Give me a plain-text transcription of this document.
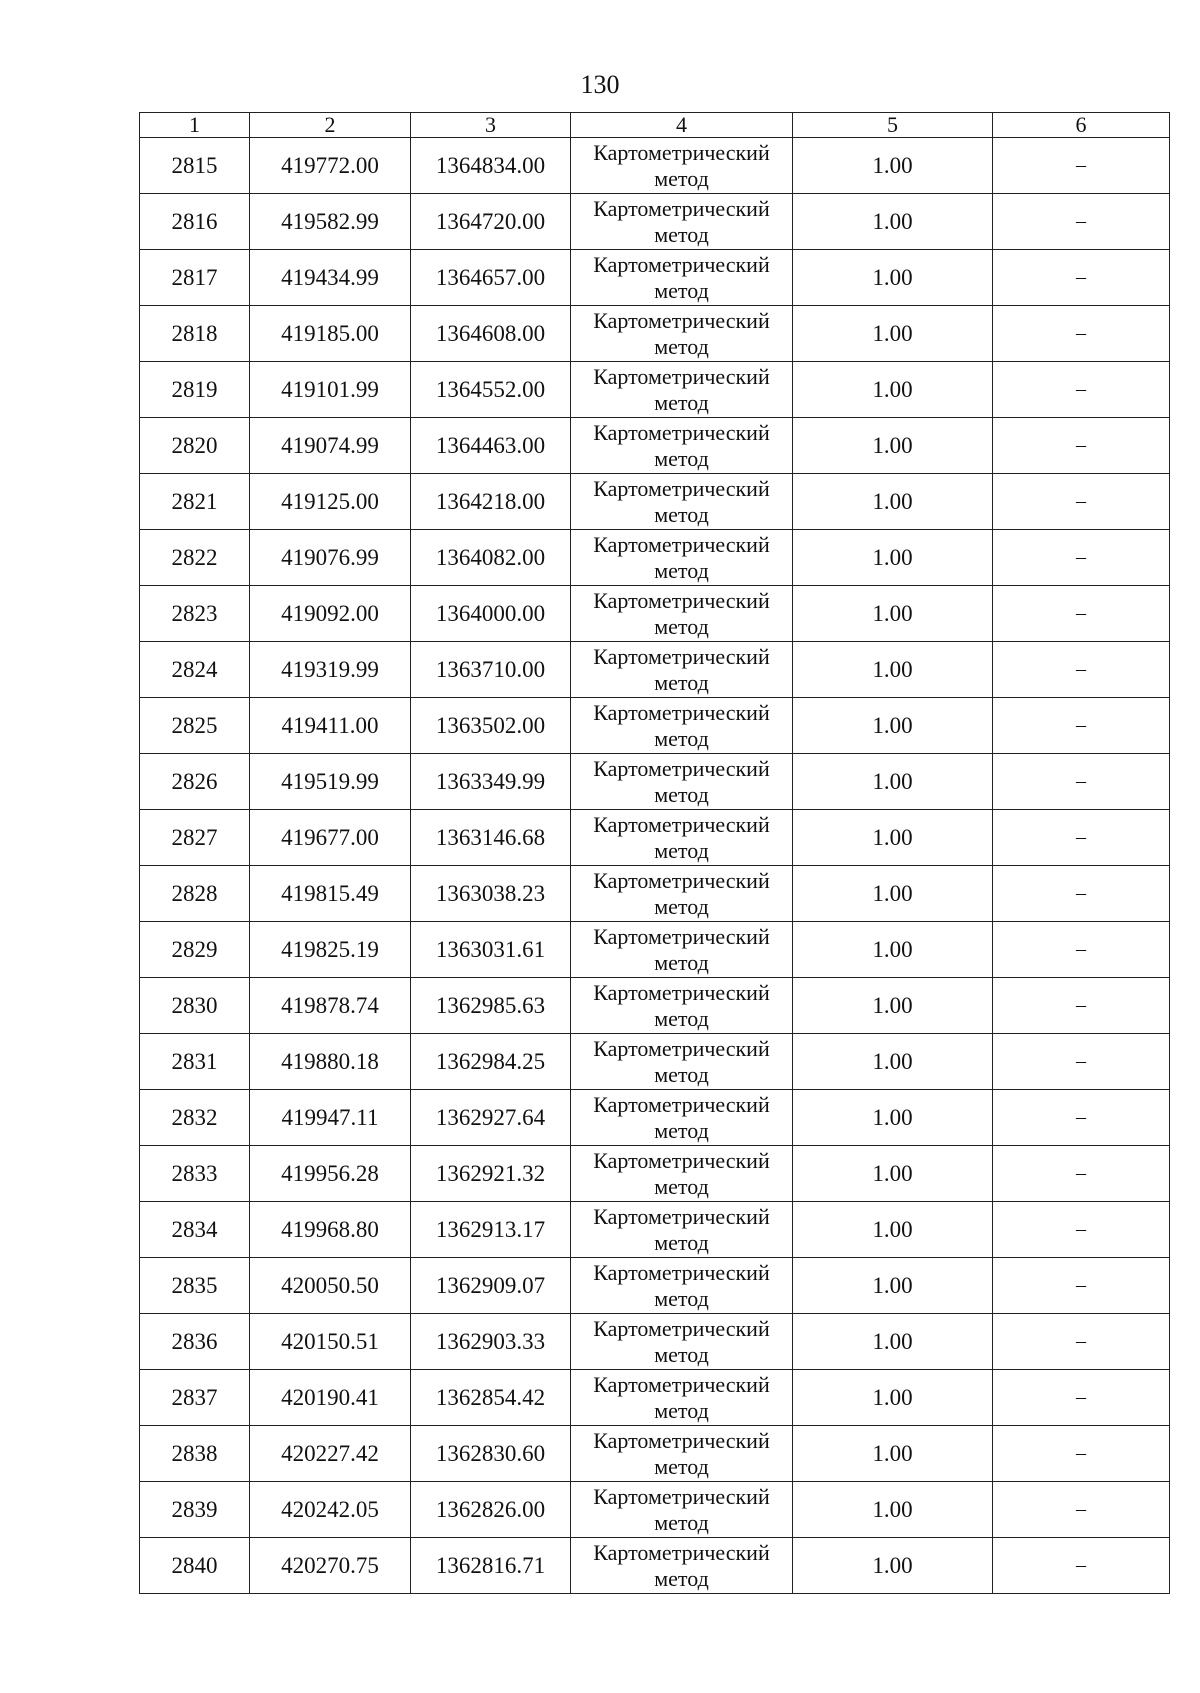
130
1	2	3	4	5	6
2815	419772.00	1364834.00	Картометрический
метод	1.00	–
2816	419582.99	1364720.00	Картометрический
метод	1.00	–
2817	419434.99	1364657.00	Картометрический
метод	1.00	–
2818	419185.00	1364608.00	Картометрический
метод	1.00	–
2819	419101.99	1364552.00	Картометрический
метод	1.00	–
2820	419074.99	1364463.00	Картометрический
метод	1.00	–
2821	419125.00	1364218.00	Картометрический
метод	1.00	–
2822	419076.99	1364082.00	Картометрический
метод	1.00	–
2823	419092.00	1364000.00	Картометрический
метод	1.00	–
2824	419319.99	1363710.00	Картометрический
метод	1.00	–
2825	419411.00	1363502.00	Картометрический
метод	1.00	–
2826	419519.99	1363349.99	Картометрический
метод	1.00	–
2827	419677.00	1363146.68	Картометрический
метод	1.00	–
2828	419815.49	1363038.23	Картометрический
метод	1.00	–
2829	419825.19	1363031.61	Картометрический
метод	1.00	–
2830	419878.74	1362985.63	Картометрический
метод	1.00	–
2831	419880.18	1362984.25	Картометрический
метод	1.00	–
2832	419947.11	1362927.64	Картометрический
метод	1.00	–
2833	419956.28	1362921.32	Картометрический
метод	1.00	–
2834	419968.80	1362913.17	Картометрический
метод	1.00	–
2835	420050.50	1362909.07	Картометрический
метод	1.00	–
2836	420150.51	1362903.33	Картометрический
метод	1.00	–
2837	420190.41	1362854.42	Картометрический
метод	1.00	–
2838	420227.42	1362830.60	Картометрический
метод	1.00	–
2839	420242.05	1362826.00	Картометрический
метод	1.00	–
2840	420270.75	1362816.71	Картометрический
метод	1.00	–
